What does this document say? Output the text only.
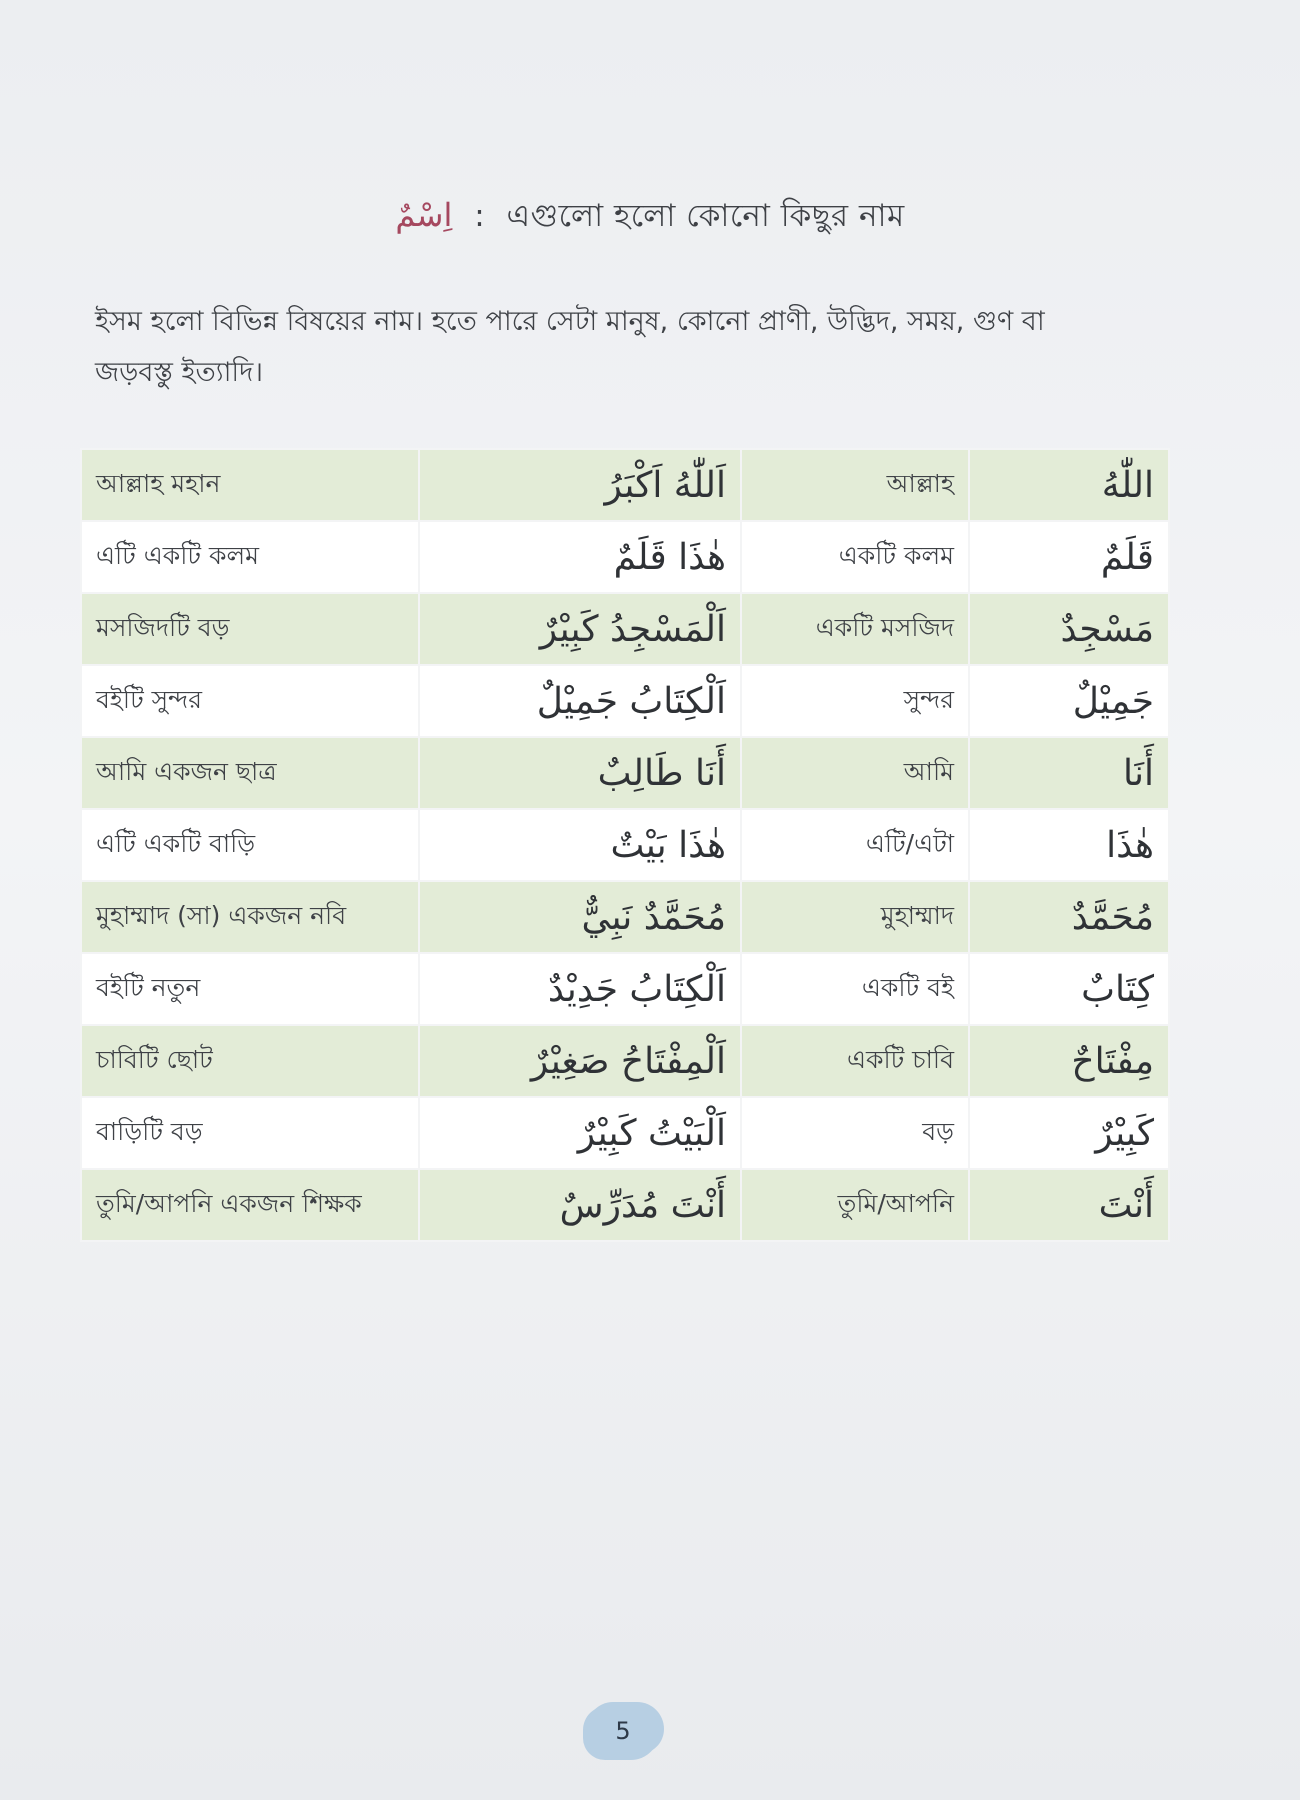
اِسْمٌ : এগুলো হলো কোনো কিছুর নাম
ইসম হলো বিভিন্ন বিষয়ের নাম। হতে পারে সেটা মানুষ, কোনো প্রাণী, উদ্ভিদ, সময়, গুণ বা জড়বস্তু ইত্যাদি।
আল্লাহ মহান	اَللّٰهُ اَكْبَرُ	আল্লাহ	اللّٰهُ
এটি একটি কলম	هٰذَا قَلَمٌ	একটি কলম	قَلَمٌ
মসজিদটি বড়	اَلْمَسْجِدُ كَبِيْرٌ	একটি মসজিদ	مَسْجِدٌ
বইটি সুন্দর	اَلْكِتَابُ جَمِيْلٌ	সুন্দর	جَمِيْلٌ
আমি একজন ছাত্র	أَنَا طَالِبٌ	আমি	أَنَا
এটি একটি বাড়ি	هٰذَا بَيْتٌ	এটি/এটা	هٰذَا
মুহাম্মাদ (সা) একজন নবি	مُحَمَّدٌ نَبِيٌّ	মুহাম্মাদ	مُحَمَّدٌ
বইটি নতুন	اَلْكِتَابُ جَدِيْدٌ	একটি বই	كِتَابٌ
চাবিটি ছোট	اَلْمِفْتَاحُ صَغِيْرٌ	একটি চাবি	مِفْتَاحٌ
বাড়িটি বড়	اَلْبَيْتُ كَبِيْرٌ	বড়	كَبِيْرٌ
তুমি/আপনি একজন শিক্ষক	أَنْتَ مُدَرِّسٌ	তুমি/আপনি	أَنْتَ
5
